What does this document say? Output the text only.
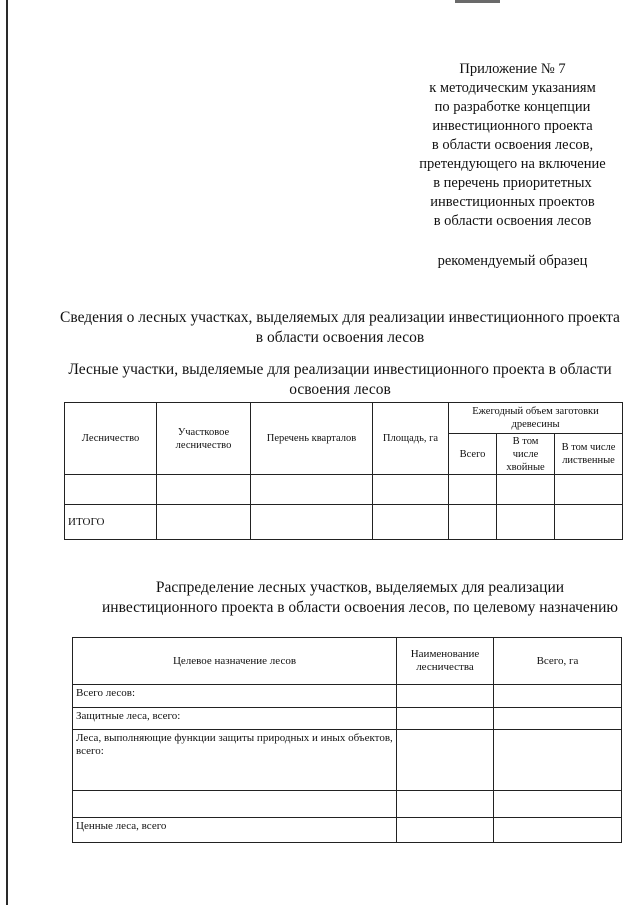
Приложение № 7
к методическим указаниям
по разработке концепции
инвестиционного проекта
в области освоения лесов,
претендующего на включение
в перечень приоритетных
инвестиционных проектов
в области освоения лесов
рекомендуемый образец
Сведения о лесных участках, выделяемых для реализации инвестиционного проекта
в области освоения лесов
Лесные участки, выделяемые для реализации инвестиционного проекта в области
освоения лесов
Лесничество	Участковое лесничество	Перечень кварталов	Площадь, га	Ежегодный объем заготовки древесины		
				Всего	В том числе хвойные	В том числе лиственные

ИТОГО						
Распределение лесных участков, выделяемых для реализации
инвестиционного проекта в области освоения лесов, по целевому назначению
Целевое назначение лесов	Наименование лесничества	Всего, га
Всего лесов:		
Защитные леса, всего:		
Леса, выполняющие функции защиты природных и иных объектов, всего:		

Ценные леса, всего		
